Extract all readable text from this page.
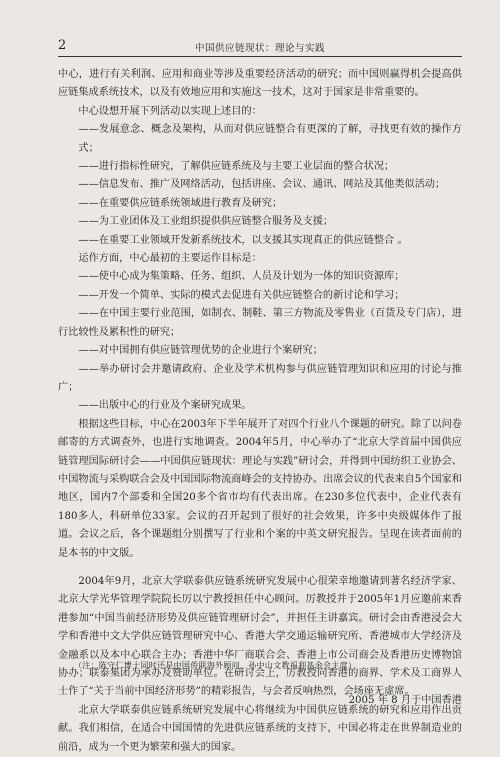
2	中国供应链现状：理论与实践

中心，进行有关利润、应用和商业等涉及重要经济活动的研究；而中国则赢得机会提高供应链集成系统技术，以及有效地应用和实施这一技术，这对于国家是非常重要的。

中心设想开展下列活动以实现上述目的：

——发展意念、概念及架构，从而对供应链整合有更深的了解，寻找更有效的操作方式；

——进行指标性研究，了解供应链系统及与主要工业层面的整合状况；

——信息发布、推广及网络活动，包括讲座、会议、通讯、网站及其他类似活动；

——在重要供应链系统领域进行教育及研究；

——为工业团体及工业组织提供供应链整合服务及支援；

——在重要工业领域开发新系统技术，以支援其实现真正的供应链整合 。

运作方面，中心最初的主要运作目标是：

——使中心成为集策略、任务、组织、人员及计划为一体的知识资源库；

——开发一个简单、实际的模式去促进有关供应链整合的新讨论和学习；

——在中国主要行业范围，如制衣、制鞋、第三方物流及零售业（百货及专门店），进行比较性及累积性的研究；

——对中国拥有供应链管理优势的企业进行个案研究；

——举办研讨会并邀请政府、企业及学术机构参与供应链管理知识和应用的讨论与推广；

——出版中心的行业及个案研究成果。

根据这些目标，中心在2003年下半年展开了对四个行业八个课题的研究。除了以问卷邮寄的方式调查外，也进行实地调查。2004年5月，中心举办了“北京大学首届中国供应链管理国际研讨会——中国供应链现状：理论与实践”研讨会，并得到中国纺织工业协会、中国物流与采购联合会及中国国际物流商峰会的支持协办。出席会议的代表来自5个国家和地区，国内7个部委和全国20多个省市均有代表出席。在230多位代表中，企业代表有180多人，科研单位33家。会议的召开起到了很好的社会效果，许多中央级媒体作了报道。会议之后，各个课题组分别撰写了行业和个案的中英文研究报告。呈现在读者面前的是本书的中文版。

2004年9月，北京大学联泰供应链系统研究发展中心很荣幸地邀请到著名经济学家、北京大学光华管理学院院长厉以宁教授担任中心顾问。厉教授并于2005年1月应邀前来香港参加“中国当前经济形势及供应链管理研讨会”，并担任主讲嘉宾。研讨会由香港浸会大学和香港中文大学供应链管理研究中心、香港大学交通运输研究所、香港城市大学经济及金融系以及本中心联合主办；香港中华厂商联合会、香港上市公司商会及香港历史博物馆协办；联泰集团为承办及赞助单位。在研讨会上，厉教授向香港的商界、学术及工商界人士作了“关于当前中国经济形势”的精彩报告，与会者反响热烈，会场座无虚席。

北京大学联泰供应链系统研究发展中心将继续为中国供应链系统的研究和应用作出贡献。我们相信，在适合中国国情的先进供应链系统的支持下，中国必将走在世界制造业的前沿，成为一个更为繁荣和强大的国家。

（注：陈守仁博士同时还是中国侨联海外顾问、孙中山文教福利基金会主席）
2005 年 8 月于中国香港
